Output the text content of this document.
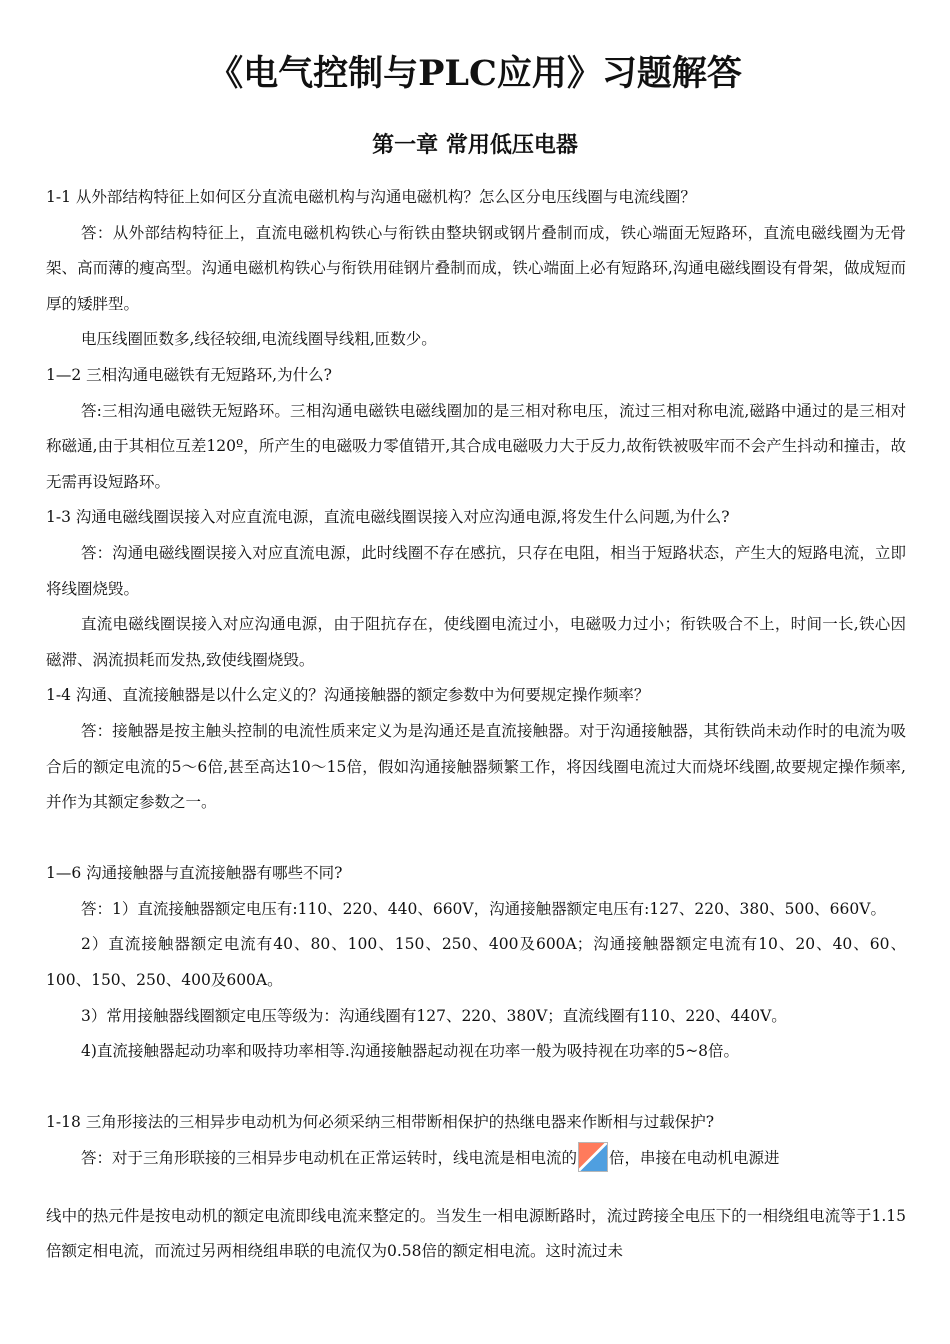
《电气控制与PLC应用》习题解答
第一章 常用低压电器

1-1 从外部结构特征上如何区分直流电磁机构与沟通电磁机构？怎么区分电压线圈与电流线圈？

答：从外部结构特征上，直流电磁机构铁心与衔铁由整块钢或钢片叠制而成，铁心端面无短路环，直流电磁线圈为无骨架、高而薄的瘦高型。沟通电磁机构铁心与衔铁用硅钢片叠制而成，铁心端面上必有短路环,沟通电磁线圈设有骨架，做成短而厚的矮胖型。

电压线圈匝数多,线径较细,电流线圈导线粗,匝数少。

1—2 三相沟通电磁铁有无短路环,为什么?

答:三相沟通电磁铁无短路环。三相沟通电磁铁电磁线圈加的是三相对称电压，流过三相对称电流,磁路中通过的是三相对称磁通,由于其相位互差120º，所产生的电磁吸力零值错开,其合成电磁吸力大于反力,故衔铁被吸牢而不会产生抖动和撞击，故无需再设短路环。

1-3 沟通电磁线圈误接入对应直流电源，直流电磁线圈误接入对应沟通电源,将发生什么问题,为什么?

答：沟通电磁线圈误接入对应直流电源，此时线圈不存在感抗，只存在电阻，相当于短路状态，产生大的短路电流，立即将线圈烧毁。

直流电磁线圈误接入对应沟通电源，由于阻抗存在，使线圈电流过小，电磁吸力过小；衔铁吸合不上，时间一长,铁心因磁滞、涡流损耗而发热,致使线圈烧毁。

1-4 沟通、直流接触器是以什么定义的？沟通接触器的额定参数中为何要规定操作频率？

答：接触器是按主触头控制的电流性质来定义为是沟通还是直流接触器。对于沟通接触器，其衔铁尚未动作时的电流为吸合后的额定电流的5～6倍,甚至高达10～15倍，假如沟通接触器频繁工作，将因线圈电流过大而烧坏线圈,故要规定操作频率,并作为其额定参数之一。

1—6 沟通接触器与直流接触器有哪些不同?

答：1）直流接触器额定电压有:110、220、440、660V，沟通接触器额定电压有:127、220、380、500、660V。

2）直流接触器额定电流有40、80、100、150、250、400及600A；沟通接触器额定电流有10、20、40、60、100、150、250、400及600A。

3）常用接触器线圈额定电压等级为：沟通线圈有127、220、380V；直流线圈有110、220、440V。

4)直流接触器起动功率和吸持功率相等.沟通接触器起动视在功率一般为吸持视在功率的5~8倍。

1-18 三角形接法的三相异步电动机为何必须采纳三相带断相保护的热继电器来作断相与过载保护?

答：对于三角形联接的三相异步电动机在正常运转时，线电流是相电流的 倍，串接在电动机电源进

线中的热元件是按电动机的额定电流即线电流来整定的。当发生一相电源断路时，流过跨接全电压下的一相绕组电流等于1.15倍额定相电流，而流过另两相绕组串联的电流仅为0.58倍的额定相电流。这时流过未
